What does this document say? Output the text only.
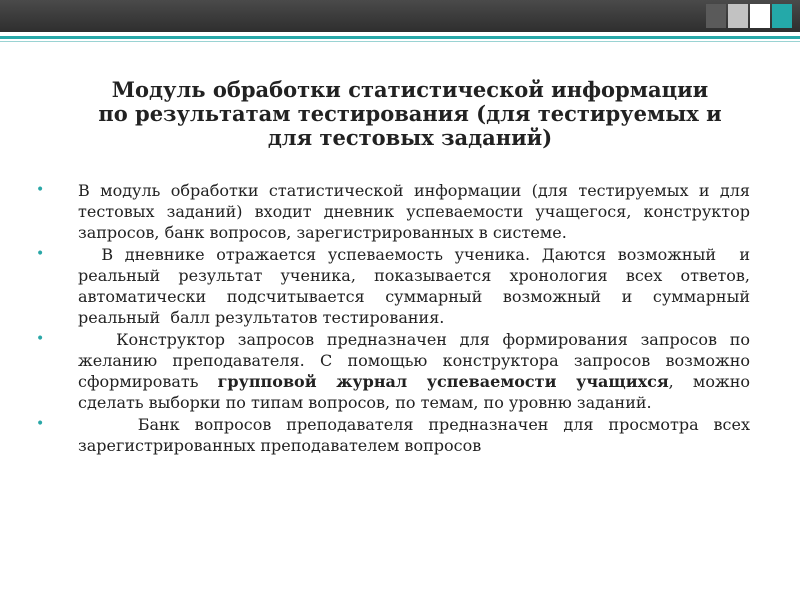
Модуль обработки статистической информации
по результатам тестирования (для тестируемых и
для тестовых заданий)
• В модуль обработки статистической информации (для тестируемых и для тестовых заданий) входит дневник успеваемости учащегося, конструктор запросов, банк вопросов, зарегистрированных в системе.
• В дневнике отражается успеваемость ученика. Даются возможный  и реальный результат ученика, показывается хронология всех ответов, автоматически подсчитывается суммарный возможный и суммарный реальный  балл результатов тестирования.
• Конструктор запросов предназначен для формирования запросов по желанию преподавателя. С помощью конструктора запросов возможно сформировать групповой журнал успеваемости учащихся, можно сделать выборки по типам вопросов, по темам, по уровню заданий.
• Банк вопросов преподавателя предназначен для просмотра всех зарегистрированных преподавателем вопросов
